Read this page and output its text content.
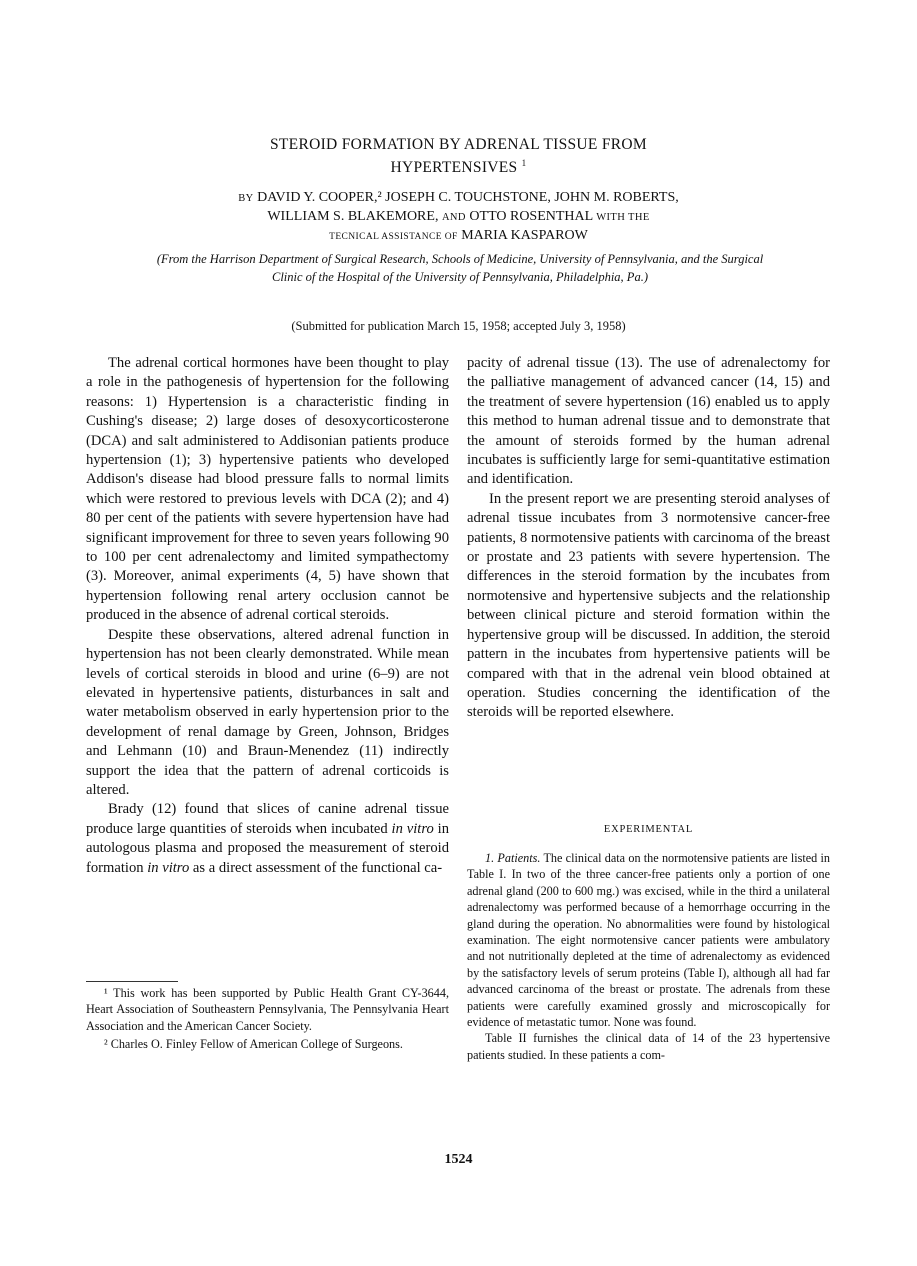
STEROID FORMATION BY ADRENAL TISSUE FROM
HYPERTENSIVES $^1$
BY DAVID Y. COOPER,² JOSEPH C. TOUCHSTONE, JOHN M. ROBERTS,
WILLIAM S. BLAKEMORE, AND OTTO ROSENTHAL WITH THE
TECNICAL ASSISTANCE OF MARIA KASPAROW
(From the Harrison Department of Surgical Research, Schools of Medicine, University of Pennsylvania, and the Surgical Clinic of the Hospital of the University of Pennsylvania, Philadelphia, Pa.)
(Submitted for publication March 15, 1958; accepted July 3, 1958)

The adrenal cortical hormones have been thought to play a role in the pathogenesis of hypertension for the following reasons: 1) Hypertension is a characteristic finding in Cushing's disease; 2) large doses of desoxycorticosterone (DCA) and salt administered to Addisonian patients produce hypertension (1); 3) hypertensive patients who developed Addison's disease had blood pressure falls to normal limits which were restored to previous levels with DCA (2); and 4) 80 per cent of the patients with severe hypertension have had significant improvement for three to seven years following 90 to 100 per cent adrenalectomy and limited sympathectomy (3). Moreover, animal experiments (4, 5) have shown that hypertension following renal artery occlusion cannot be produced in the absence of adrenal cortical steroids.

Despite these observations, altered adrenal function in hypertension has not been clearly demonstrated. While mean levels of cortical steroids in blood and urine (6–9) are not elevated in hypertensive patients, disturbances in salt and water metabolism observed in early hypertension prior to the development of renal damage by Green, Johnson, Bridges and Lehmann (10) and Braun-Menendez (11) indirectly support the idea that the pattern of adrenal corticoids is altered.

Brady (12) found that slices of canine adrenal tissue produce large quantities of steroids when incubated in vitro in autologous plasma and proposed the measurement of steroid formation in vitro as a direct assessment of the functional ca-

¹ This work has been supported by Public Health Grant CY-3644, Heart Association of Southeastern Pennsylvania, The Pennsylvania Heart Association and the American Cancer Society.

² Charles O. Finley Fellow of American College of Surgeons.

pacity of adrenal tissue (13). The use of adrenalectomy for the palliative management of advanced cancer (14, 15) and the treatment of severe hypertension (16) enabled us to apply this method to human adrenal tissue and to demonstrate that the amount of steroids formed by the human adrenal incubates is sufficiently large for semi-quantitative estimation and identification.

In the present report we are presenting steroid analyses of adrenal tissue incubates from 3 normotensive cancer-free patients, 8 normotensive patients with carcinoma of the breast or prostate and 23 patients with severe hypertension. The differences in the steroid formation by the incubates from normotensive and hypertensive subjects and the relationship between clinical picture and steroid formation within the hypertensive group will be discussed. In addition, the steroid pattern in the incubates from hypertensive patients will be compared with that in the adrenal vein blood obtained at operation. Studies concerning the identification of the steroids will be reported elsewhere.

EXPERIMENTAL

1. Patients. The clinical data on the normotensive patients are listed in Table I. In two of the three cancer-free patients only a portion of one adrenal gland (200 to 600 mg.) was excised, while in the third a unilateral adrenalectomy was performed because of a hemorrhage occurring in the gland during the operation. No abnormalities were found by histological examination. The eight normotensive cancer patients were ambulatory and not nutritionally depleted at the time of adrenalectomy as evidenced by the satisfactory levels of serum proteins (Table I), although all had far advanced carcinoma of the breast or prostate. The adrenals from these patients were carefully examined grossly and microscopically for evidence of metastatic tumor. None was found.

Table II furnishes the clinical data of 14 of the 23 hypertensive patients studied. In these patients a com-

1524
